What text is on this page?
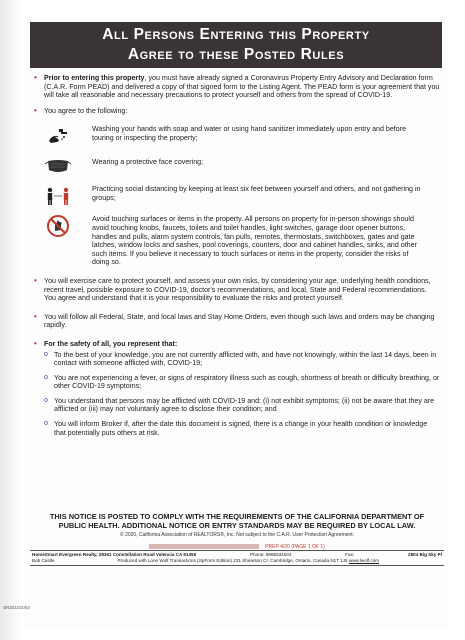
All Persons Entering this Property
Agree to these Posted Rules
• Prior to entering this property, you must have already signed a Coronavirus Property Entry Advisory and Declaration form (C.A.R. Form PEAD) and delivered a copy of that signed form to the Listing Agent. The PEAD form is your agreement that you will take all reasonable and necessary precautions to protect yourself and others from the spread of COVID-19.
• You agree to the following:
Washing your hands with soap and water or using hand sanitizer immediately upon entry and before touring or inspecting the property;
Wearing a protective face covering;
Practicing social distancing by keeping at least six feet between yourself and others, and not gathering in groups;
Avoid touching surfaces or items in the property. All persons on property for in-person showings should avoid touching knobs, faucets, toilets and toilet handles, light switches, garage door opener buttons, handles and pulls, alarm system controls, fan pulls, remotes, thermostats, switchboxes, gates and gate latches, window locks and sashes, pool coverings, counters, door and cabinet handles, sinks, and other such items. If you believe it necessary to touch surfaces or items in the property, consider the risks of doing so.
• You will exercise care to protect yourself, and assess your own risks, by considering your age, underlying health conditions, recent travel, possible exposure to COVID-19, doctor's recommendations, and local, State and Federal recommendations. You agree and understand that it is your responsibility to evaluate the risks and protect yourself.
• You will follow all Federal, State, and local laws and Stay Home Orders, even though such laws and orders may be changing rapidly.
• For the safety of all, you represent that:
o To the best of your knowledge, you are not currently afflicted with, and have not knowingly, within the last 14 days, been in contact with someone afflicted with, COVID-19;
o You are not experiencing a fever, or signs of respiratory illness such as cough, shortness of breath or difficulty breathing, or other COVID-19 symptoms;
o You understand that persons may be afflicted with COVID-19 and: (i) not exhibit symptoms; (ii) not be aware that they are afflicted or (iii) may not voluntarily agree to disclose their condition; and
o You will inform Broker if, after the date this document is signed, there is a change in your health condition or knowledge that potentially puts others at risk.
THIS NOTICE IS POSTED TO COMPLY WITH THE REQUIREMENTS OF THE CALIFORNIA DEPARTMENT OF
PUBLIC HEALTH. ADDITIONAL NOTICE OR ENTRY STANDARDS MAY BE REQUIRED BY LOCAL LAW.
© 2020, California Association of REALTORS®, Inc. Not subject to the C.A.R. User Protection Agreement.
PREP 4/20 (PAGE 1 OF 1)
HomeSmart Evergreen Realty, 28361 Constellation Road Valencia CA 91355	Phone: 8885534534	Fax:	2804 Big Sky Pl
Bob Castle	Produced with Lone Wolf Transactions (zipForm Edition) 231 Shearson Cr. Cambridge, Ontario, Canada N1T 1J5 www.lwolf.com
SR20101003
